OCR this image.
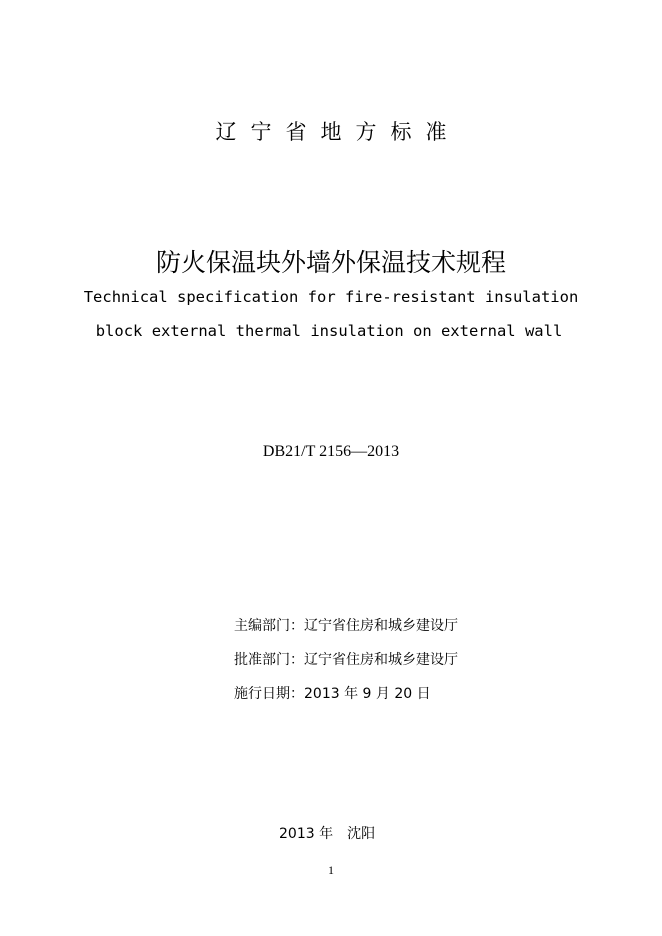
辽宁省地方标准
防火保温块外墙外保温技术规程
Technical specification for fire-resistant insulation
block external thermal insulation on external wall
DB21/T 2156—2013
主编部门：辽宁省住房和城乡建设厅
批准部门：辽宁省住房和城乡建设厅
施行日期：2013 年 9 月 20 日
2013 年 沈阳
1
